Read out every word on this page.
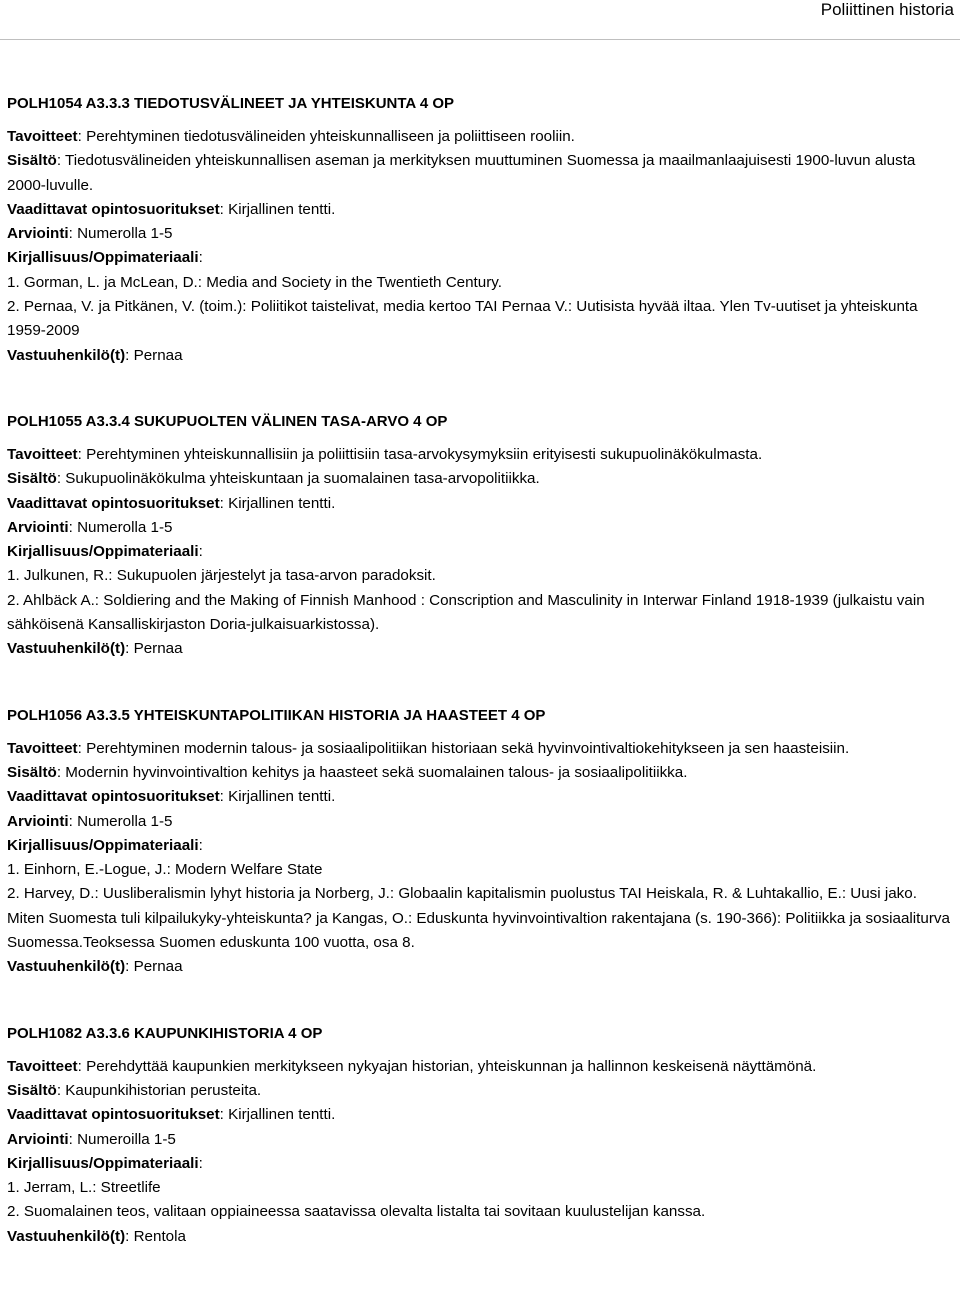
Poliittinen historia
POLH1054 A3.3.3 TIEDOTUSVÄLINEET JA YHTEISKUNTA 4 OP
Tavoitteet: Perehtyminen tiedotusvälineiden yhteiskunnalliseen ja poliittiseen rooliin.
Sisältö: Tiedotusvälineiden yhteiskunnallisen aseman ja merkityksen muuttuminen Suomessa ja maailmanlaajuisesti 1900-luvun alusta 2000-luvulle.
Vaadittavat opintosuoritukset: Kirjallinen tentti.
Arviointi: Numerolla 1-5
Kirjallisuus/Oppimateriaali:
1. Gorman, L. ja McLean, D.: Media and Society in the Twentieth Century.
2. Pernaa, V. ja Pitkänen, V. (toim.): Poliitikot taistelivat, media kertoo TAI Pernaa V.: Uutisista hyvää iltaa. Ylen Tv-uutiset ja yhteiskunta 1959-2009
Vastuuhenkilö(t): Pernaa
POLH1055 A3.3.4 SUKUPUOLTEN VÄLINEN TASA-ARVO 4 OP
Tavoitteet: Perehtyminen yhteiskunnallisiin ja poliittisiin tasa-arvokysymyksiin erityisesti sukupuolinäkökulmasta.
Sisältö: Sukupuolinäkökulma yhteiskuntaan ja suomalainen tasa-arvopolitiikka.
Vaadittavat opintosuoritukset: Kirjallinen tentti.
Arviointi: Numerolla 1-5
Kirjallisuus/Oppimateriaali:
1. Julkunen, R.: Sukupuolen järjestelyt ja tasa-arvon paradoksit.
2. Ahlbäck A.: Soldiering and the Making of Finnish Manhood : Conscription and Masculinity in Interwar Finland 1918-1939 (julkaistu vain sähköisenä Kansalliskirjaston Doria-julkaisuarkistossa).
Vastuuhenkilö(t): Pernaa
POLH1056 A3.3.5 YHTEISKUNTAPOLITIIKAN HISTORIA JA HAASTEET 4 OP
Tavoitteet: Perehtyminen modernin talous- ja sosiaalipolitiikan historiaan sekä hyvinvointivaltiokehitykseen ja sen haasteisiin.
Sisältö: Modernin hyvinvointivaltion kehitys ja haasteet sekä suomalainen talous- ja sosiaalipolitiikka.
Vaadittavat opintosuoritukset: Kirjallinen tentti.
Arviointi: Numerolla 1-5
Kirjallisuus/Oppimateriaali:
1. Einhorn, E.-Logue, J.: Modern Welfare State
2. Harvey, D.: Uusliberalismin lyhyt historia ja Norberg, J.: Globaalin kapitalismin puolustus TAI Heiskala, R. & Luhtakallio, E.: Uusi jako. Miten Suomesta tuli kilpailukyky-yhteiskunta? ja Kangas, O.: Eduskunta hyvinvointivaltion rakentajana (s. 190-366): Politiikka ja sosiaaliturva Suomessa.Teoksessa Suomen eduskunta 100 vuotta, osa 8.
Vastuuhenkilö(t): Pernaa
POLH1082 A3.3.6 KAUPUNKIHISTORIA 4 OP
Tavoitteet: Perehdyttää kaupunkien merkitykseen nykyajan historian, yhteiskunnan ja hallinnon keskeisenä näyttämönä.
Sisältö: Kaupunkihistorian perusteita.
Vaadittavat opintosuoritukset: Kirjallinen tentti.
Arviointi: Numeroilla 1-5
Kirjallisuus/Oppimateriaali:
1. Jerram, L.: Streetlife
2. Suomalainen teos, valitaan oppiaineessa saatavissa olevalta listalta tai sovitaan kuulustelijan kanssa.
Vastuuhenkilö(t): Rentola
